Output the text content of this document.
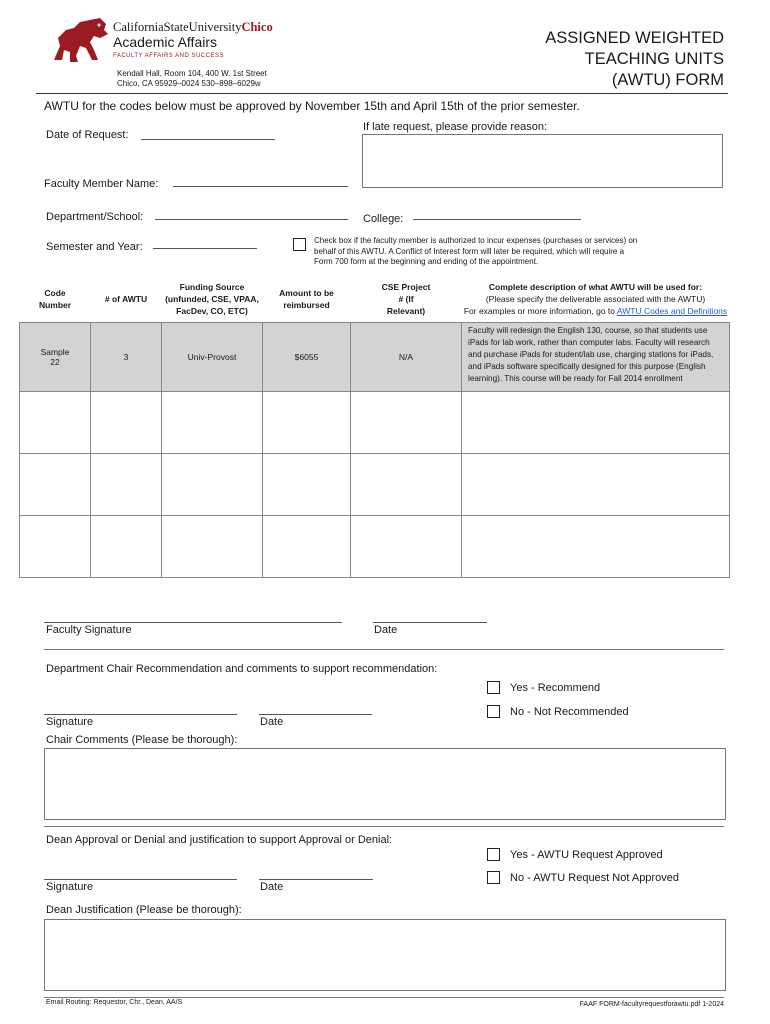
CaliforniaStateUniversityChico
Academic Affairs
FACULTY AFFAIRS AND SUCCESS
Kendall Hall, Room 104, 400 W. 1st Street
Chico, CA 95929–0024 530–898–6029w
ASSIGNED WEIGHTED
TEACHING UNITS
(AWTU) FORM
AWTU for the codes below must be approved by November 15th and April 15th of the prior semester.
Date of Request:
If late request, please provide reason:
Faculty Member Name:
Department/School:	College:
Semester and Year:
Check box if the faculty member is authorized to incur expenses (purchases or services) on behalf of this AWTU. A Conflict of Interest form will later be required, which will require a Form 700 form at the beginning and ending of the appointment.
Code Number	# of AWTU	Funding Source (unfunded, CSE, VPAA, FacDev, CO, ETC)	Amount to be reimbursed	CSE Project # (If Relevant)	Complete description of what AWTU will be used for:
(Please specify the deliverable associated with the AWTU)
For examples or more information, go to AWTU Codes and Definitions

Sample 22	3	Univ-Provost	$6055	N/A	Faculty will redesign the English 130, course, so that students use iPads for lab work, rather than computer labs. Faculty will research and purchase iPads for student/lab use, charging stations for iPads, and iPads software specifically designed for this purpose (English learning). This course will be ready for Fall 2014 enrollment

Faculty Signature	Date
Department Chair Recommendation and comments to support recommendation:
Yes - Recommend
No - Not Recommended
Signature	Date
Chair Comments (Please be thorough):
Dean Approval or Denial and justification to support Approval or Denial:
Yes - AWTU Request Approved
No - AWTU Request Not Approved
Signature	Date
Dean Justification (Please be thorough):
Email Routing: Requestor, Chr., Dean, AA/S	FAAF FORM-facultyrequestforawtu.pdf 1-2024
